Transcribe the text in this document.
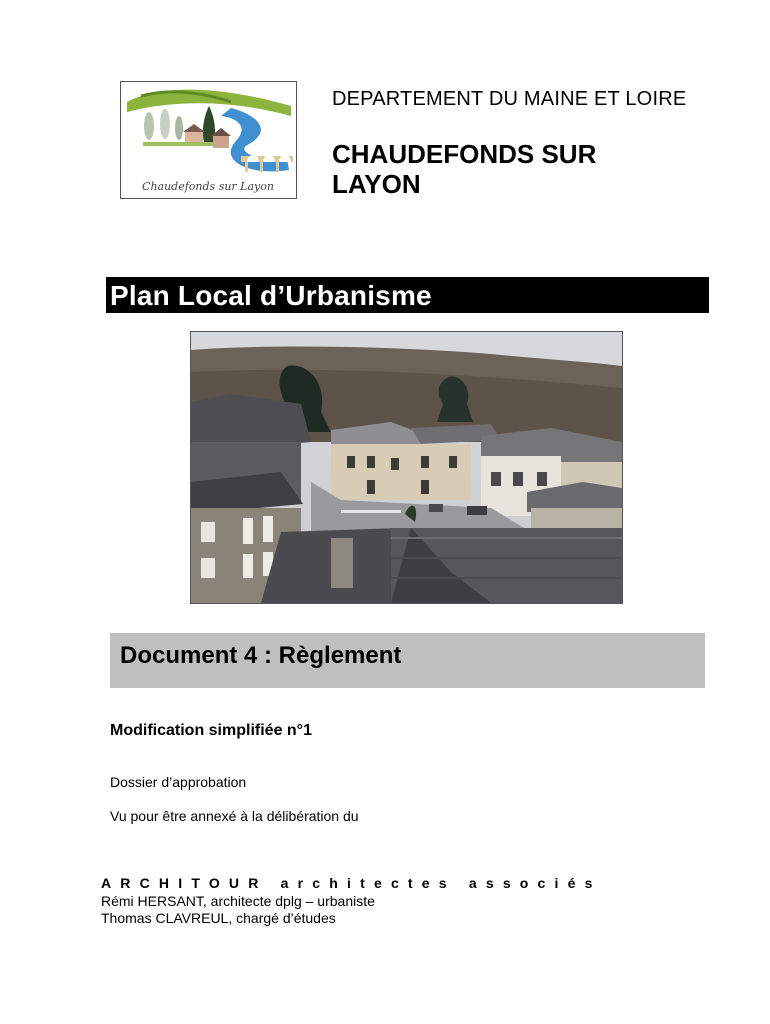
Chaudefonds sur Layon
DEPARTEMENT DU MAINE ET LOIRE
CHAUDEFONDS SUR LAYON
Plan Local d’Urbanisme
Document 4 : Règlement
Modification simplifiée n°1
Dossier d’approbation
Vu pour être annexé à la délibération du
ARCHITOUR architectes associés
Rémi HERSANT, architecte dplg – urbaniste
Thomas CLAVREUL, chargé d’études
